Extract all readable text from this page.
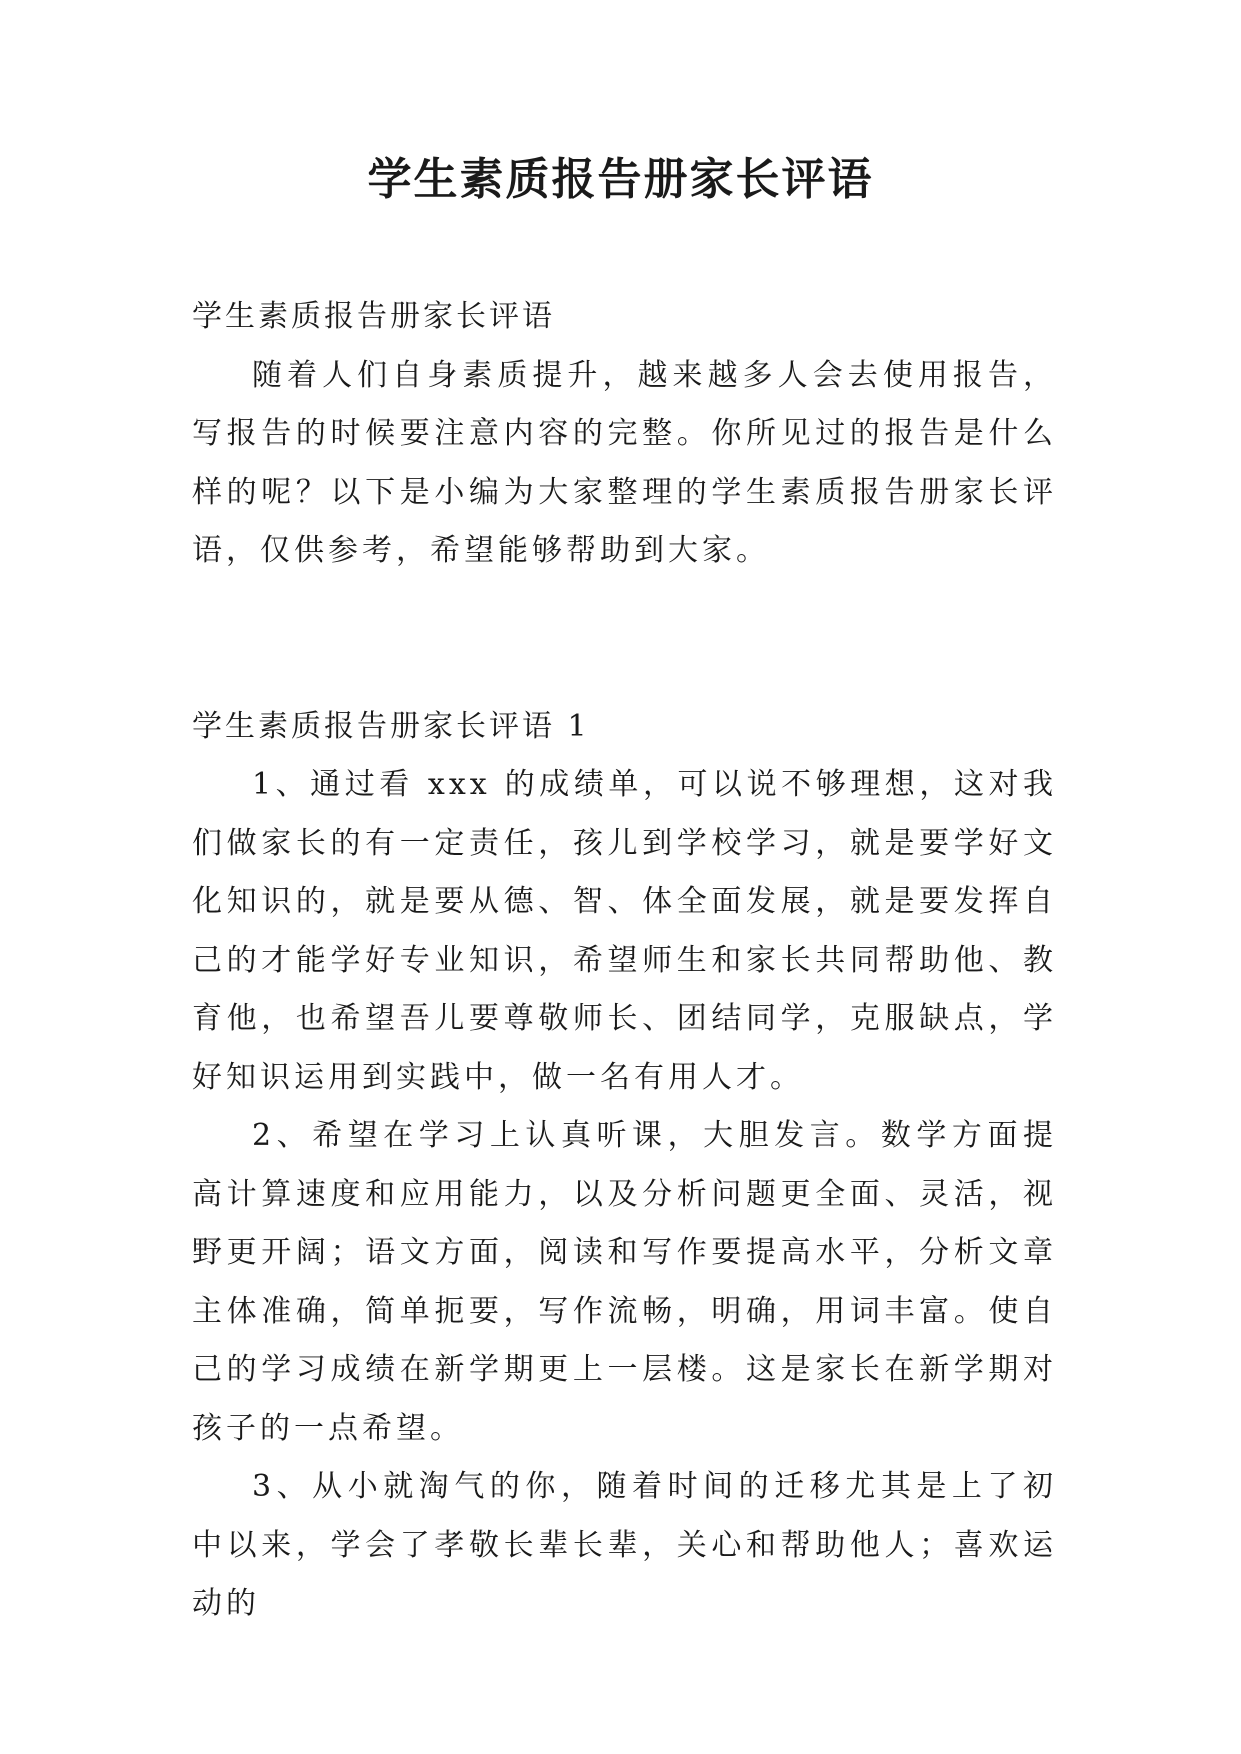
学生素质报告册家长评语

学生素质报告册家长评语

随着人们自身素质提升，越来越多人会去使用报告，写报告的时候要注意内容的完整。你所见过的报告是什么样的呢？以下是小编为大家整理的学生素质报告册家长评语，仅供参考，希望能够帮助到大家。

学生素质报告册家长评语 1

1、通过看 xxx 的成绩单，可以说不够理想，这对我们做家长的有一定责任，孩儿到学校学习，就是要学好文化知识的，就是要从德、智、体全面发展，就是要发挥自己的才能学好专业知识，希望师生和家长共同帮助他、教育他，也希望吾儿要尊敬师长、团结同学，克服缺点，学好知识运用到实践中，做一名有用人才。

2、希望在学习上认真听课，大胆发言。数学方面提高计算速度和应用能力，以及分析问题更全面、灵活，视野更开阔；语文方面，阅读和写作要提高水平，分析文章主体准确，简单扼要，写作流畅，明确，用词丰富。使自己的学习成绩在新学期更上一层楼。这是家长在新学期对孩子的一点希望。

3、从小就淘气的你，随着时间的迁移尤其是上了初中以来，学会了孝敬长辈长辈，关心和帮助他人；喜欢运动的
